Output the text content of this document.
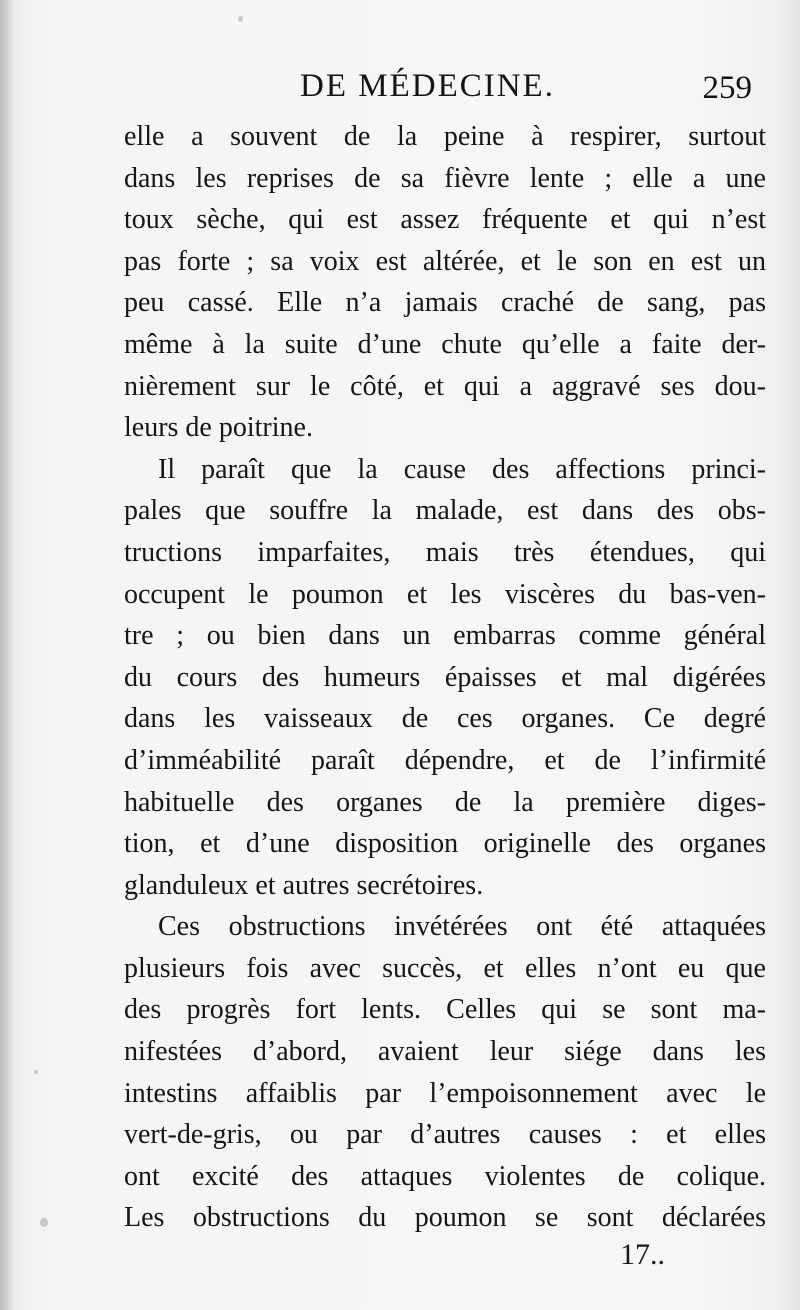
DE MÉDECINE.	259

elle a souvent de la peine à respirer, surtout
dans les reprises de sa fièvre lente ; elle a une
toux sèche, qui est assez fréquente et qui n’est
pas forte ; sa voix est altérée, et le son en est un
peu cassé. Elle n’a jamais craché de sang, pas
même à la suite d’une chute qu’elle a faite der-
nièrement sur le côté, et qui a aggravé ses dou-
leurs de poitrine.

Il paraît que la cause des affections princi-
pales que souffre la malade, est dans des obs-
tructions imparfaites, mais très étendues, qui
occupent le poumon et les viscères du bas-ven-
tre ; ou bien dans un embarras comme général
du cours des humeurs épaisses et mal digérées
dans les vaisseaux de ces organes. Ce degré
d’imméabilité paraît dépendre, et de l’infirmité
habituelle des organes de la première diges-
tion, et d’une disposition originelle des organes
glanduleux et autres secrétoires.

Ces obstructions invétérées ont été attaquées
plusieurs fois avec succès, et elles n’ont eu que
des progrès fort lents. Celles qui se sont ma-
nifestées d’abord, avaient leur siége dans les
intestins affaiblis par l’empoisonnement avec le
vert-de-gris, ou par d’autres causes : et elles
ont excité des attaques violentes de colique.
Les obstructions du poumon se sont déclarées

17..
